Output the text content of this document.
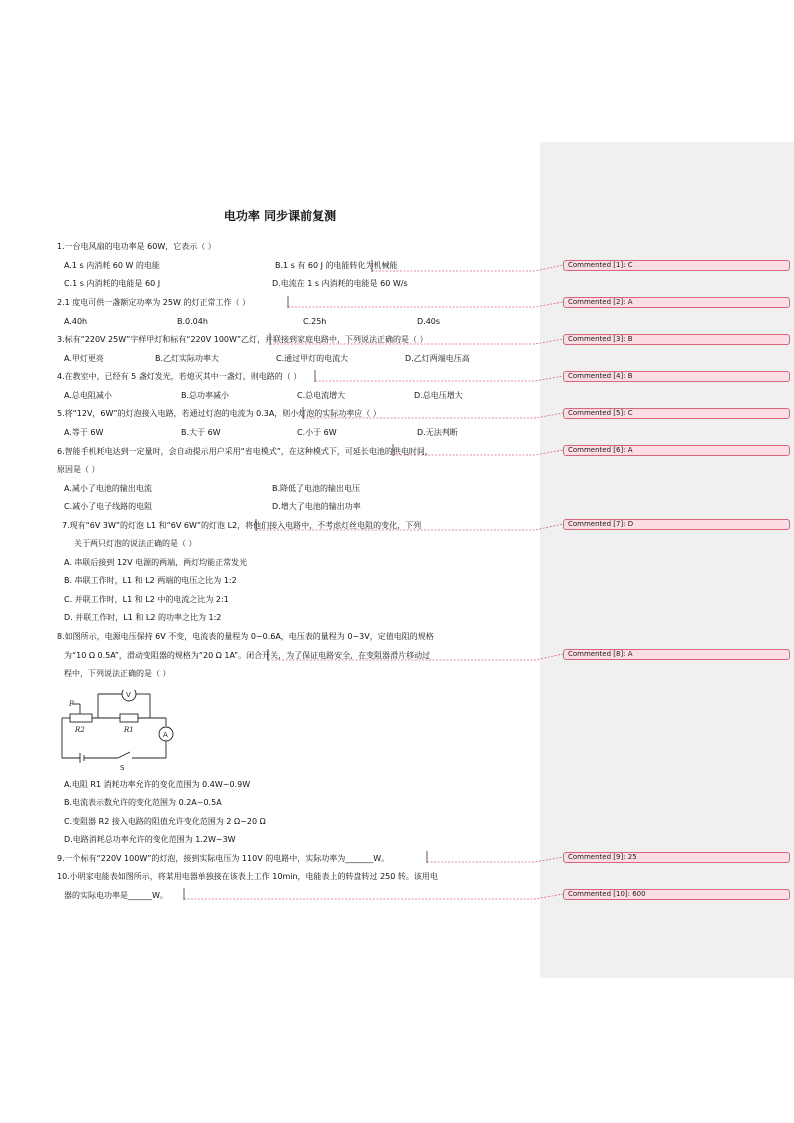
电功率 同步课前复测
1.一台电风扇的电功率是 60W，它表示（ ）
A.1 s 内消耗 60 W 的电能	B.1 s 有 60 J 的电能转化为机械能
C.1 s 内消耗的电能是 60 J	D.电流在 1 s 内消耗的电能是 60 W/s
2.1 度电可供一盏额定功率为 25W 的灯正常工作（ ）
A.40h	B.0.04h	C.25h	D.40s
3.标有“220V 25W”字样甲灯和标有“220V 100W”乙灯，并联接到家庭电路中，下列说法正确的是（ ）
A.甲灯更亮	B.乙灯实际功率大	C.通过甲灯的电流大	D.乙灯两端电压高
4.在教室中，已经有 5 盏灯发光，若熄灭其中一盏灯，则电路的（ ）
A.总电阻减小	B.总功率减小	C.总电流增大	D.总电压增大
5.将“12V，6W”的灯泡接入电路，若通过灯泡的电流为 0.3A，则小灯泡的实际功率应（ ）
A.等于 6W	B.大于 6W	C.小于 6W	D.无法判断
6.智能手机耗电达到一定量时，会自动提示用户采用“省电模式”，在这种模式下，可延长电池的供电时间，
原因是（ ）
A.减小了电池的输出电流	B.降低了电池的输出电压
C.减小了电子线路的电阻	D.增大了电池的输出功率
7.现有“6V 3W”的灯泡 L1 和“6V 6W”的灯泡 L2，将他们接入电路中，不考虑灯丝电阻的变化，下列
关于两只灯泡的说法正确的是（ ）
A. 串联后接到 12V 电源的两端，两灯均能正常发光
B. 串联工作时，L1 和 L2 两端的电压之比为 1:2
C. 并联工作时，L1 和 L2 中的电流之比为 2:1
D. 并联工作时，L1 和 L2 的功率之比为 1:2
8.如图所示，电源电压保持 6V 不变，电流表的量程为 0~0.6A，电压表的量程为 0~3V，定值电阻的规格
为“10 Ω 0.5A”，滑动变阻器的规格为“20 Ω 1A”。闭合开关，为了保证电路安全，在变阻器滑片移动过
程中，下列说法正确的是（ ）
P
R2	R1
V
A
S
A.电阻 R1 消耗功率允许的变化范围为 0.4W~0.9W
B.电流表示数允许的变化范围为 0.2A~0.5A
C.变阻器 R2 接入电路的阻值允许变化范围为 2 Ω~20 Ω
D.电路消耗总功率允许的变化范围为 1.2W~3W
9.一个标有“220V 100W”的灯泡，接到实际电压为 110V 的电路中，实际功率为_______W。
10.小明家电能表如图所示，将某用电器单独接在该表上工作 10min，电能表上的转盘转过 250 转。该用电
器的实际电功率是______W。
Commented [1]: C
Commented [2]: A
Commented [3]: B
Commented [4]: B
Commented [5]: C
Commented [6]: A
Commented [7]: D
Commented [8]: A
Commented [9]: 25
Commented [10]: 600
